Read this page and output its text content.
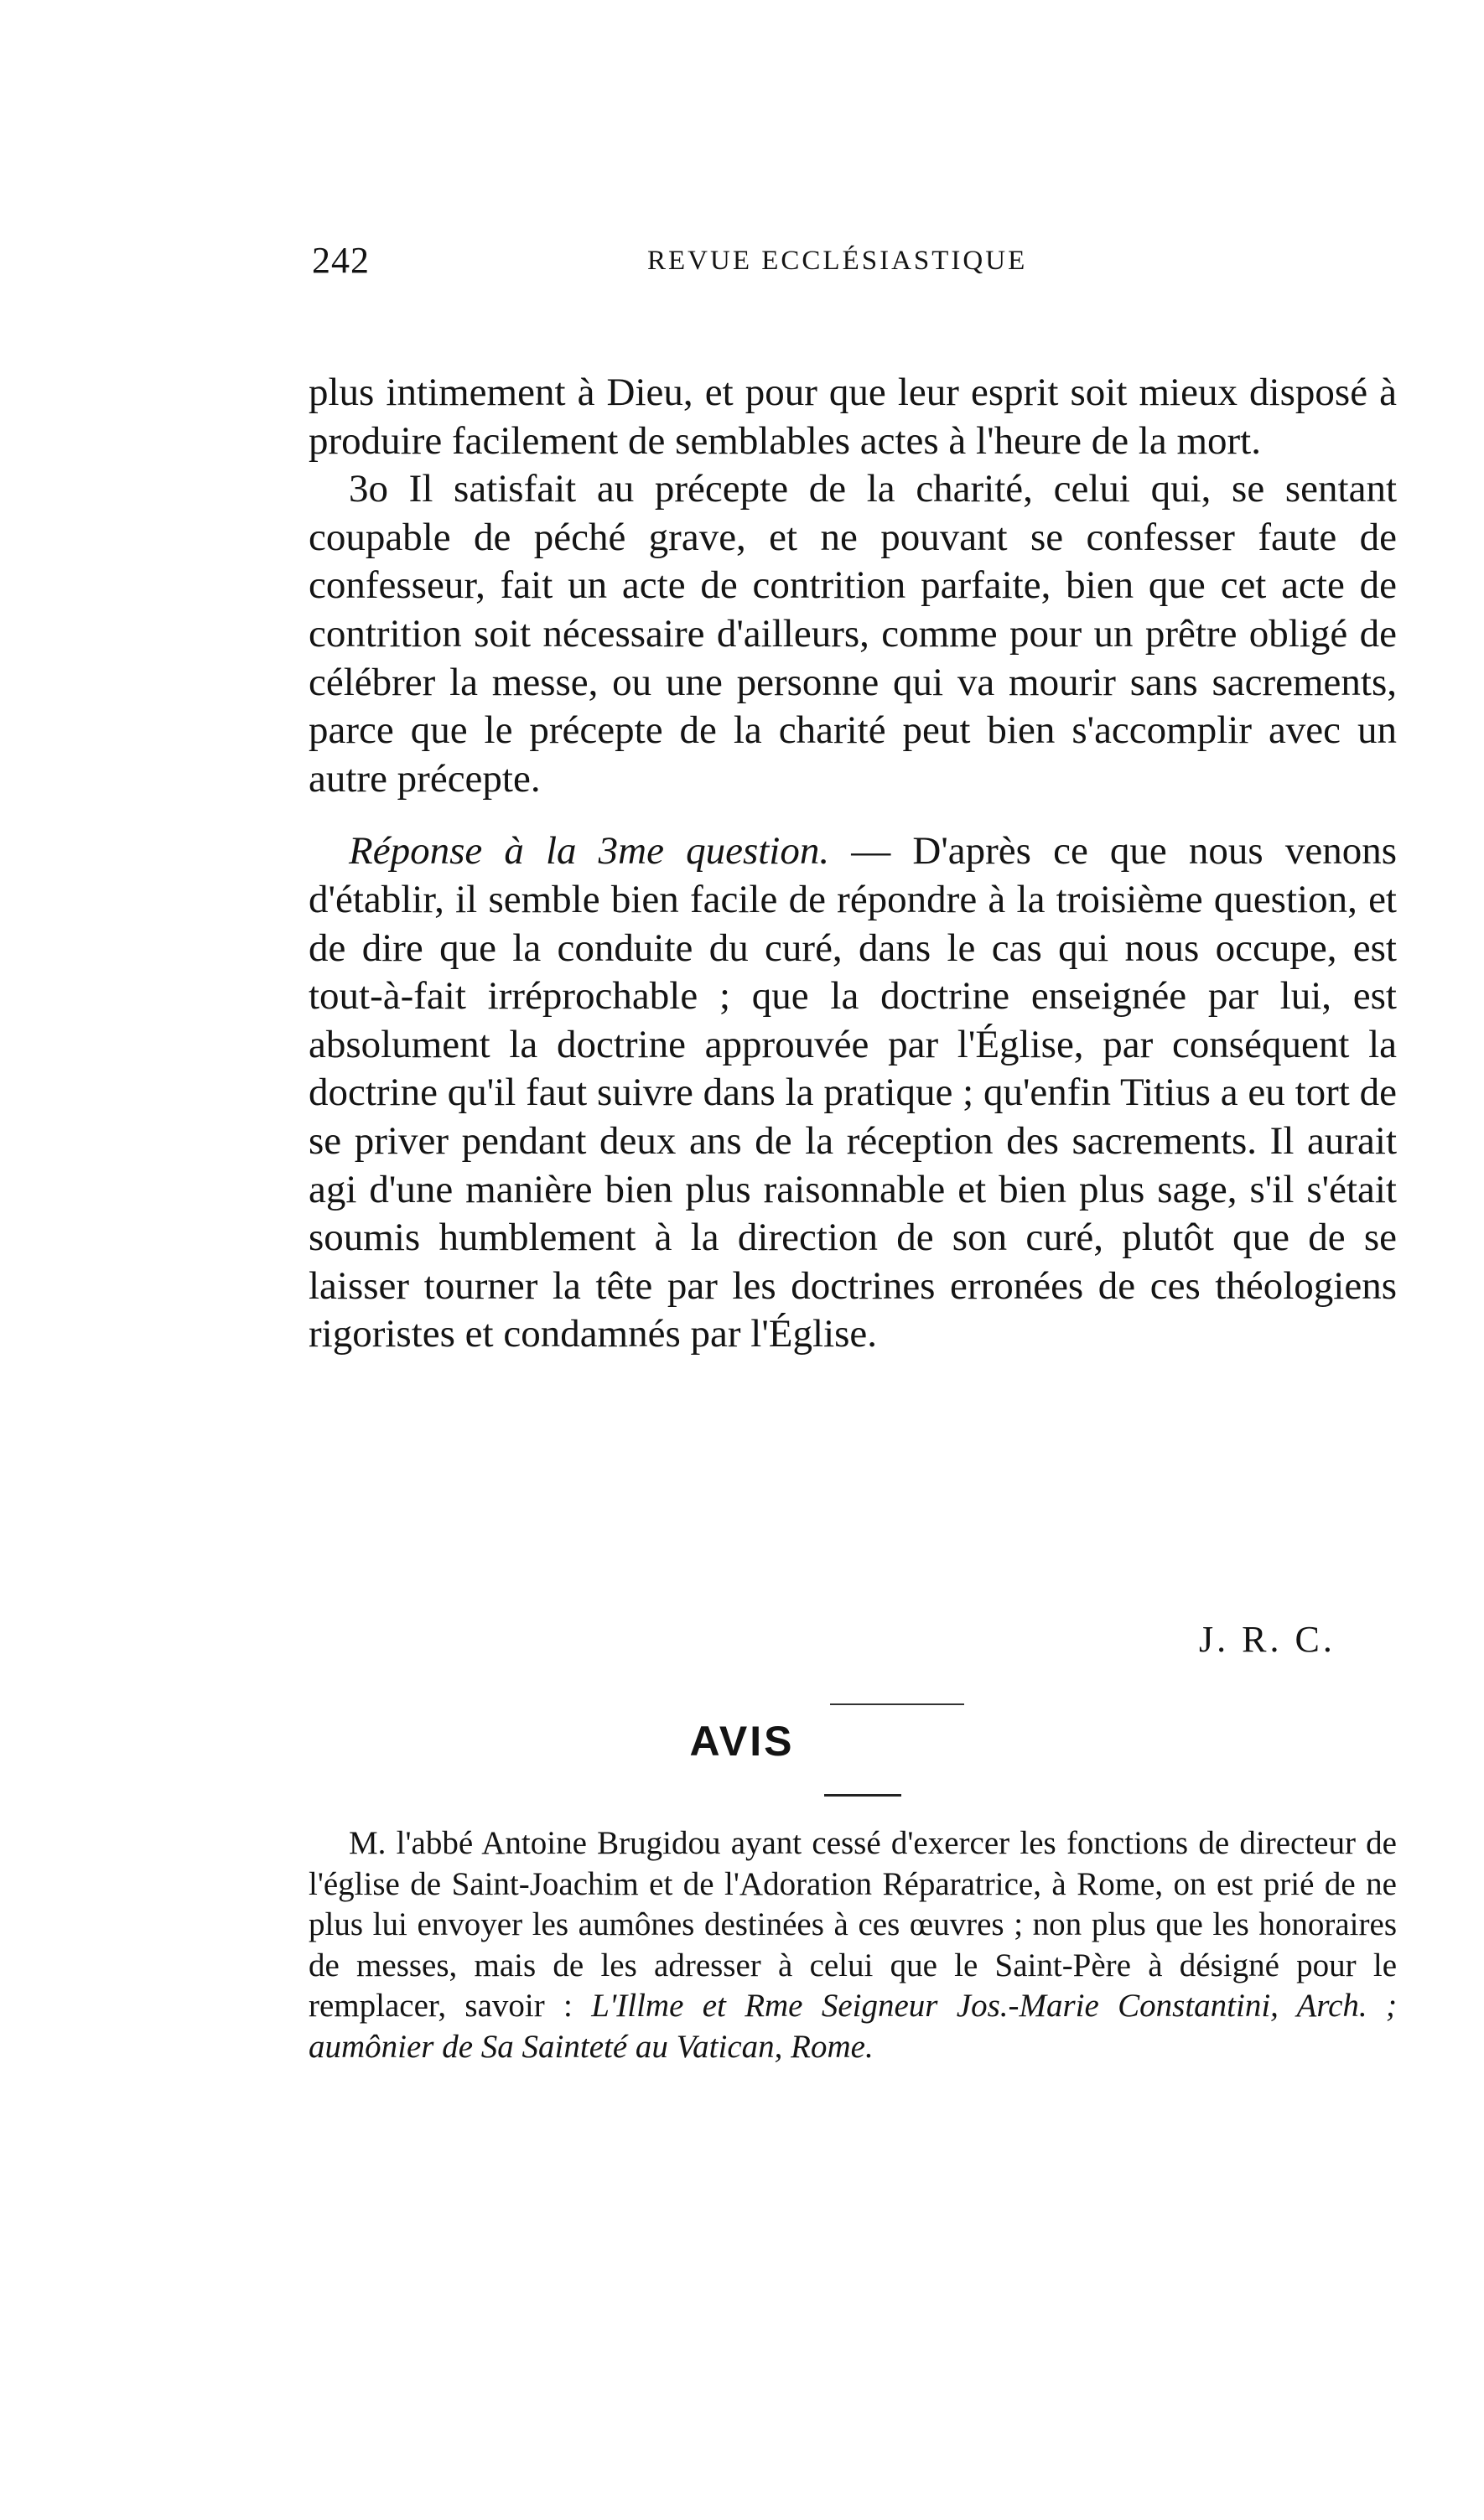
242	REVUE ECCLÉSIASTIQUE

plus intimement à Dieu, et pour que leur esprit soit mieux disposé à produire facilement de semblables actes à l'heure de la mort.

3o Il satisfait au précepte de la charité, celui qui, se sentant coupable de péché grave, et ne pouvant se confesser faute de confesseur, fait un acte de contrition parfaite, bien que cet acte de contrition soit nécessaire d'ailleurs, comme pour un prêtre obligé de célébrer la messe, ou une personne qui va mourir sans sacrements, parce que le précepte de la charité peut bien s'accomplir avec un autre précepte.

Réponse à la 3me question. — D'après ce que nous venons d'établir, il semble bien facile de répondre à la troisième question, et de dire que la conduite du curé, dans le cas qui nous occupe, est tout-à-fait irréprochable ; que la doctrine enseignée par lui, est absolument la doctrine approuvée par l'Église, par conséquent la doctrine qu'il faut suivre dans la pratique ; qu'enfin Titius a eu tort de se priver pendant deux ans de la réception des sacrements. Il aurait agi d'une manière bien plus raisonnable et bien plus sage, s'il s'était soumis humblement à la direction de son curé, plutôt que de se laisser tourner la tête par les doctrines erronées de ces théologiens rigoristes et condamnés par l'Église.

J. R. C.
AVIS

M. l'abbé Antoine Brugidou ayant cessé d'exercer les fonctions de directeur de l'église de Saint-Joachim et de l'Adoration Réparatrice, à Rome, on est prié de ne plus lui envoyer les aumônes destinées à ces œuvres ; non plus que les honoraires de messes, mais de les adresser à celui que le Saint-Père à désigné pour le remplacer, savoir : L'Illme et Rme Seigneur Jos.-Marie Constantini, Arch. ; aumônier de Sa Sainteté au Vatican, Rome.
